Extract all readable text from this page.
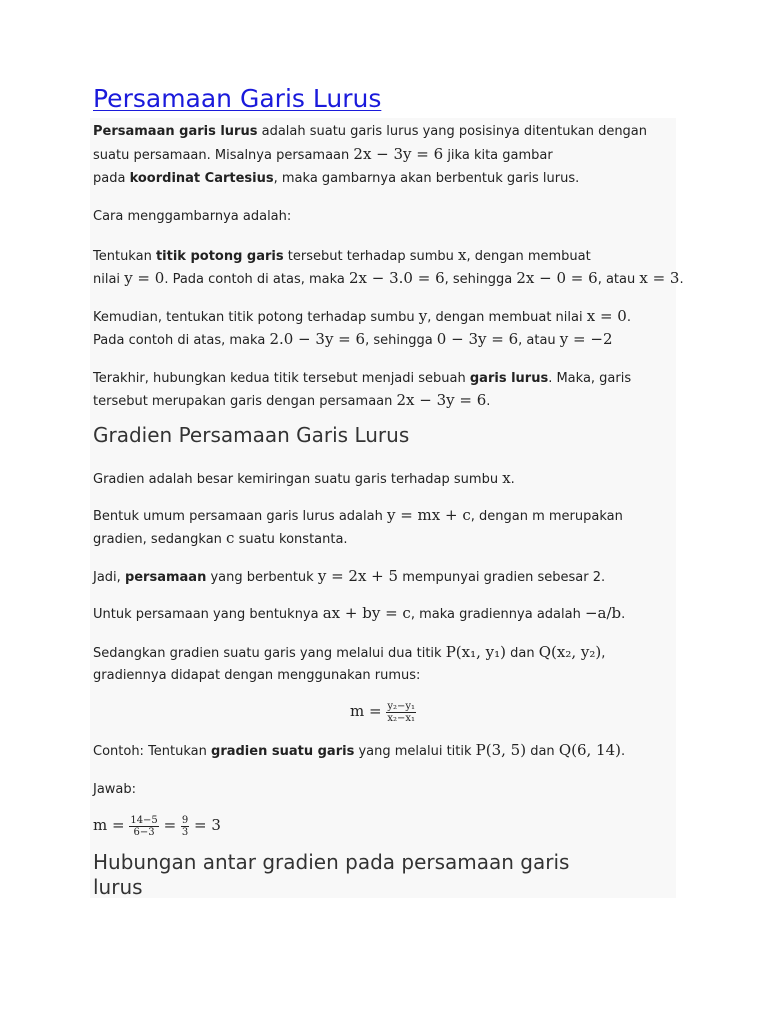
Persamaan Garis Lurus
Persamaan garis lurus adalah suatu garis lurus yang posisinya ditentukan dengan
suatu persamaan. Misalnya persamaan 2x − 3y = 6 jika kita gambar
pada koordinat Cartesius, maka gambarnya akan berbentuk garis lurus.
Cara menggambarnya adalah:
Tentukan titik potong garis tersebut terhadap sumbu x, dengan membuat
nilai y = 0. Pada contoh di atas, maka 2x − 3.0 = 6, sehingga 2x − 0 = 6, atau x = 3.
Kemudian, tentukan titik potong terhadap sumbu y, dengan membuat nilai x = 0.
Pada contoh di atas, maka 2.0 − 3y = 6, sehingga 0 − 3y = 6, atau y = −2
Terakhir, hubungkan kedua titik tersebut menjadi sebuah garis lurus. Maka, garis
tersebut merupakan garis dengan persamaan 2x − 3y = 6.
Gradien Persamaan Garis Lurus
Gradien adalah besar kemiringan suatu garis terhadap sumbu x.
Bentuk umum persamaan garis lurus adalah y = mx + c, dengan m merupakan
gradien, sedangkan c suatu konstanta.
Jadi, persamaan yang berbentuk y = 2x + 5 mempunyai gradien sebesar 2.
Untuk persamaan yang bentuknya ax + by = c, maka gradiennya adalah −a/b.
Sedangkan gradien suatu garis yang melalui dua titik P(x₁, y₁) dan Q(x₂, y₂),
gradiennya didapat dengan menggunakan rumus:
$m = \frac{\text{y₂−y₁}}{\text{x₂−x₁}}$
Contoh: Tentukan gradien suatu garis yang melalui titik P(3, 5) dan Q(6, 14).
Jawab:
$m = \frac{14-5}{6-3} = \frac{9}{3} = 3$
Hubungan antar gradien pada persamaan garis
lurus
